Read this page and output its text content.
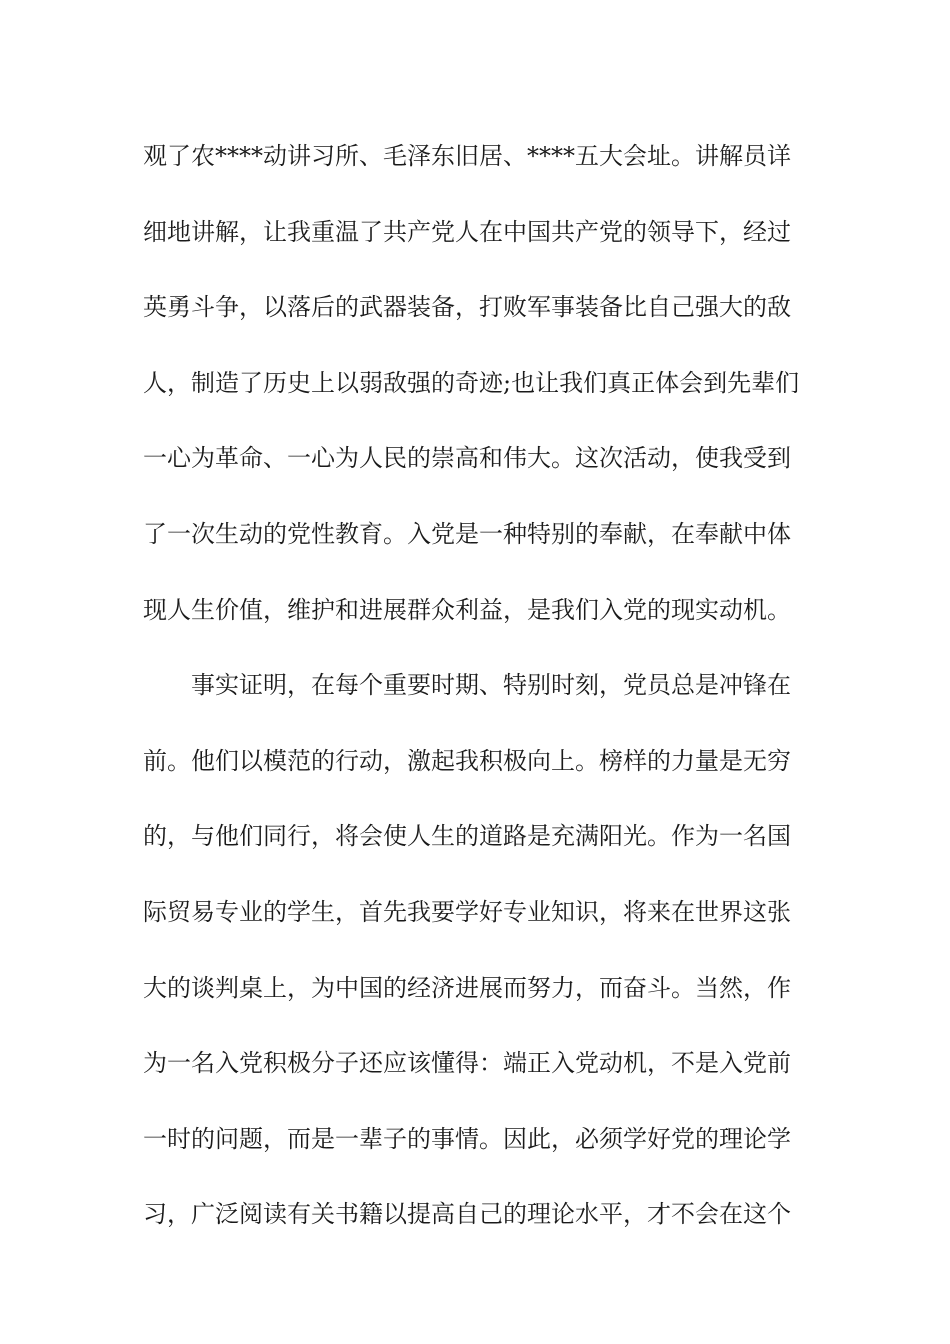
观了农****动讲习所、毛泽东旧居、****五大会址。讲解员详
细地讲解，让我重温了共产党人在中国共产党的领导下，经过
英勇斗争，以落后的武器装备，打败军事装备比自己强大的敌
人，制造了历史上以弱敌强的奇迹;也让我们真正体会到先辈们
一心为革命、一心为人民的崇高和伟大。这次活动，使我受到
了一次生动的党性教育。入党是一种特别的奉献，在奉献中体
现人生价值，维护和进展群众利益，是我们入党的现实动机。
事实证明，在每个重要时期、特别时刻，党员总是冲锋在
前。他们以模范的行动，激起我积极向上。榜样的力量是无穷
的，与他们同行，将会使人生的道路是充满阳光。作为一名国
际贸易专业的学生，首先我要学好专业知识，将来在世界这张
大的谈判桌上，为中国的经济进展而努力，而奋斗。当然，作
为一名入党积极分子还应该懂得：端正入党动机，不是入党前
一时的问题，而是一辈子的事情。因此，必须学好党的理论学
习，广泛阅读有关书籍以提高自己的理论水平，才不会在这个
